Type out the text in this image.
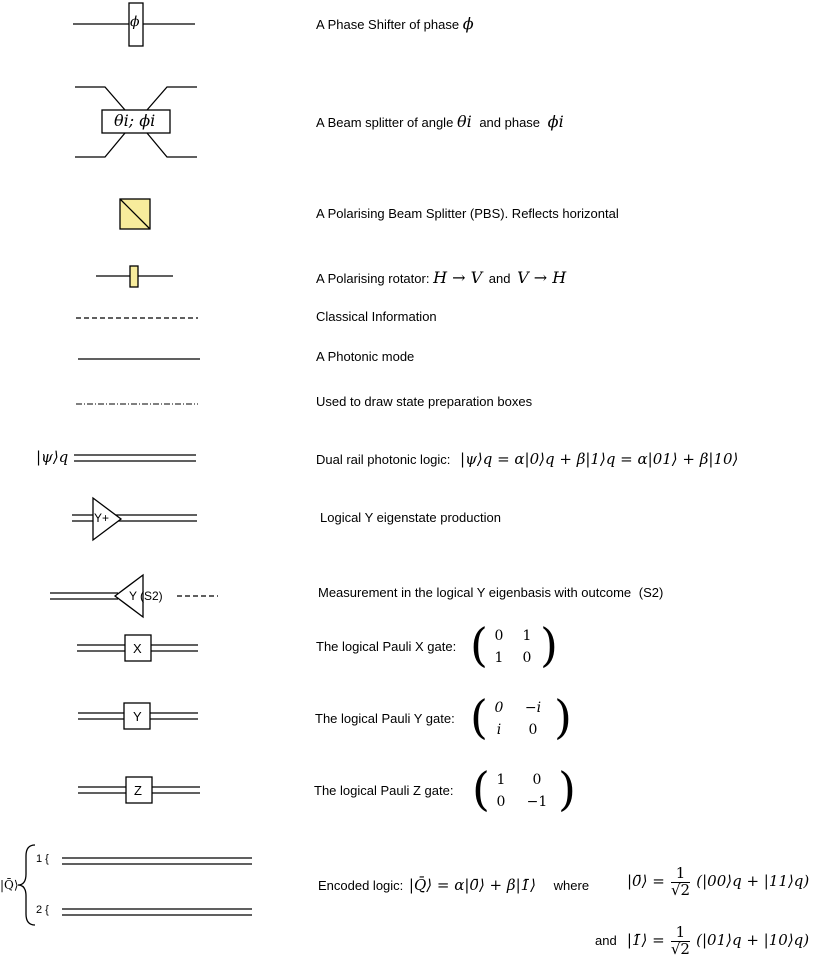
ϕ
θi; ϕi
|ψ⟩q
Y+
Y (S2)
X
Y
Z
|Q̄⟩
1 {
2 {
A Phase Shifter of phase ϕ
A Beam splitter of angle θi and phase ϕi
A Polarising Beam Splitter (PBS). Reflects horizontal
A Polarising rotator: H → V and V → H
Classical Information
A Photonic mode
Used to draw state preparation boxes
Dual rail photonic logic: |ψ⟩q = α|0⟩q + β|1⟩q = α|01⟩ + β|10⟩
Logical Y eigenstate production
Measurement in the logical Y eigenbasis with outcome (S2)
The logical Pauli X gate: ( 0	1
1	0 )
The logical Pauli Y gate: ( 0	−i
i	0 )
The logical Pauli Z gate: ( 1	0
0	−1 )
Encoded logic: |Q̄⟩ = α|0̄⟩ + β|1̄⟩ where	|0̄⟩ = $\frac{1}{√2}$ (|00⟩q + |11⟩q)
and |1̄⟩ = $\frac{1}{√2}$ (|01⟩q + |10⟩q)
